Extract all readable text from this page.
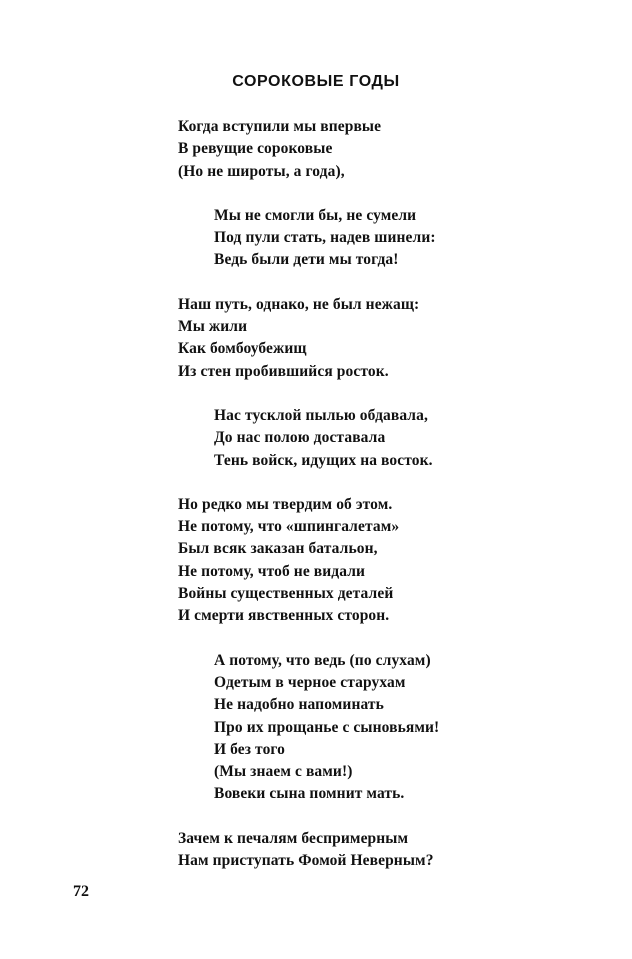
СОРОКОВЫЕ ГОДЫ
Когда вступили мы впервые
В ревущие сороковые
(Но не широты, а года),
Мы не смогли бы, не сумели
Под пули стать, надев шинели:
Ведь были дети мы тогда!
Наш путь, однако, не был нежащ:
Мы жили
Как бомбоубежищ
Из стен пробившийся росток.
Нас тусклой пылью обдавала,
До нас полою доставала
Тень войск, идущих на восток.
Но редко мы твердим об этом.
Не потому, что «шпингалетам»
Был всяк заказан батальон,
Не потому, чтоб не видали
Войны существенных деталей
И смерти явственных сторон.
А потому, что ведь (по слухам)
Одетым в черное старухам
Не надобно напоминать
Про их прощанье с сыновьями!
И без того
(Мы знаем с вами!)
Вовеки сына помнит мать.
Зачем к печалям беспримерным
Нам приступать Фомой Неверным?
72
